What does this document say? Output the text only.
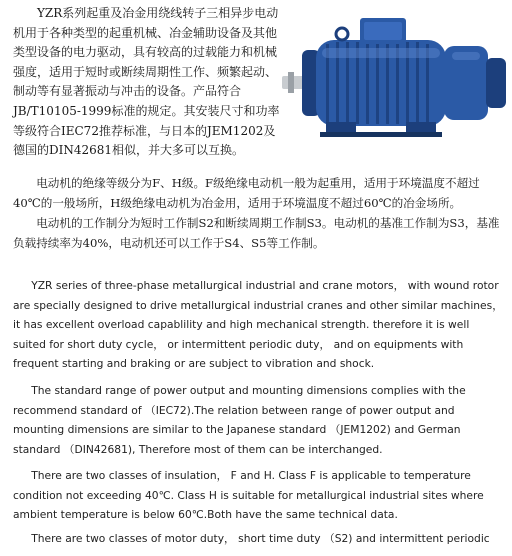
YZR系列起重及冶金用绕线转子三相异步电动机用于各种类型的起重机械、冶金辅助设备及其他类型设备的电力驱动，具有较高的过载能力和机械强度，适用于短时或断续周期性工作、频繁起动、制动等有显著振动与冲击的设备。产品符合JB/T10105-1999标准的规定。其安装尺寸和功率等级符合IEC72推荐标准，与日本的JEM1202及德国的DIN42681相似，并大多可以互换。

电动机的绝缘等级分为F、H级。F级绝缘电动机一般为起重用，适用于环境温度不超过40℃的一般场所，H级绝缘电动机为冶金用，适用于环境温度不超过60℃的冶金场所。

电动机的工作制分为短时工作制S2和断续周期工作制S3。电动机的基准工作制为S3，基准负载持续率为40%，电动机还可以工作于S4、S5等工作制。

YZR series of three-phase metallurgical industrial and crane motors， with wound rotor are specially designed to drive metallurgical industrial cranes and other similar machines，it has excellent overload capablility and high mechanical strength. therefore it is well suited for short duty cycle， or intermittent periodic duty， and on equipments with frequent starting and braking or are subject to vibration and shock.

The standard range of power output and mounting dimensions complies with the recommend standard of （IEC72).The relation between range of power output and mounting dimensions are similar to the Japanese standard （JEM1202) and German standard （DIN42681), Therefore most of them can be interchanged.

There are two classes of insulation， F and H. Class F is applicable to temperature condition not exceeding 40℃. Class H is suitable for metallurgical industrial sites where ambient temperature is below 60℃.Both have the same technical data.

There are two classes of motor duty， short time duty （S2) and intermittent periodic
